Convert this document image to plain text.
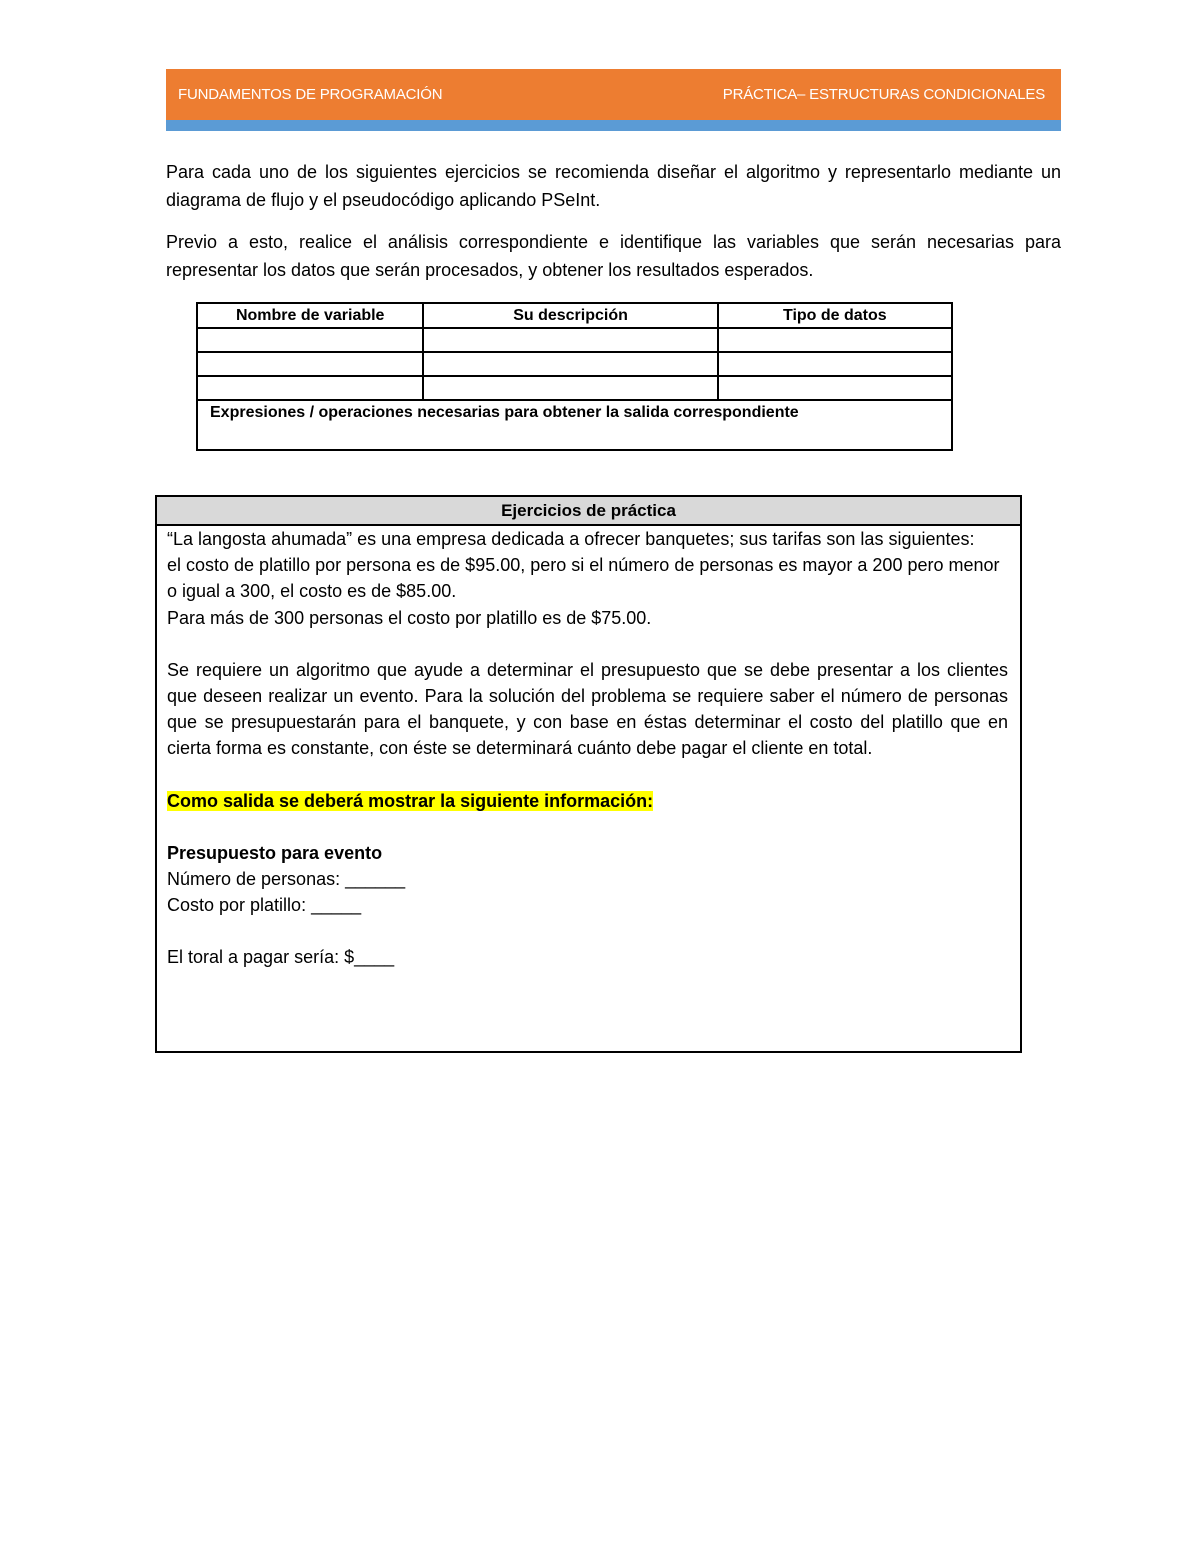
FUNDAMENTOS DE PROGRAMACIÓN	PRÁCTICA– ESTRUCTURAS CONDICIONALES

Para cada uno de los siguientes ejercicios se recomienda diseñar el algoritmo y representarlo mediante un diagrama de flujo y el pseudocódigo aplicando PSeInt.

Previo a esto, realice el análisis correspondiente e identifique las variables que serán necesarias para representar los datos que serán procesados, y obtener los resultados esperados.

Nombre de variable	Su descripción	Tipo de datos

Expresiones / operaciones necesarias para obtener la salida correspondiente		
Ejercicios de práctica

“La langosta ahumada” es una empresa dedicada a ofrecer banquetes; sus tarifas son las siguientes:

el costo de platillo por persona es de $95.00, pero si el número de personas es mayor a 200 pero menor o igual a 300, el costo es de $85.00.

Para más de 300 personas el costo por platillo es de $75.00.

Se requiere un algoritmo que ayude a determinar el presupuesto que se debe presentar a los clientes que deseen realizar un evento. Para la solución del problema se requiere saber el número de personas que se presupuestarán para el banquete, y con base en éstas determinar el costo del platillo que en cierta forma es constante, con éste se determinará cuánto debe pagar el cliente en total.

Como salida se deberá mostrar la siguiente información:

Presupuesto para evento

Número de personas: ______

Costo por platillo: _____

El toral a pagar sería: $____
